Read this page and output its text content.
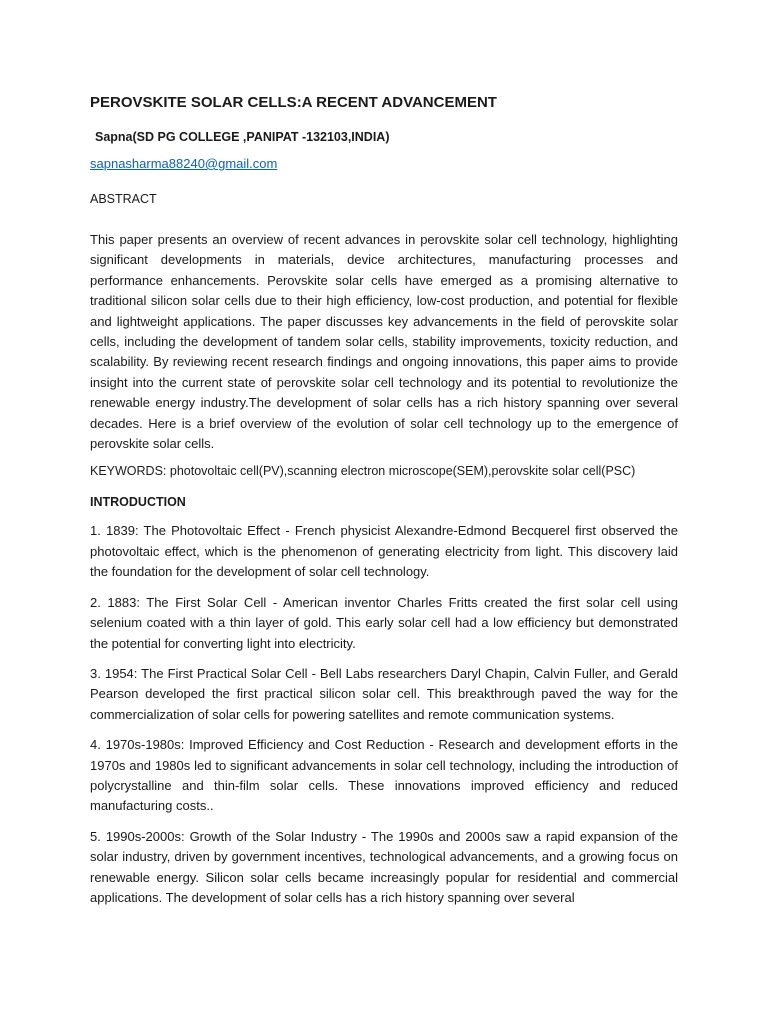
PEROVSKITE SOLAR CELLS:A RECENT ADVANCEMENT
Sapna(SD PG COLLEGE ,PANIPAT -132103,INDIA)
sapnasharma88240@gmail.com
ABSTRACT

This paper presents an overview of recent advances in perovskite solar cell technology, highlighting significant developments in materials, device architectures, manufacturing processes and performance enhancements. Perovskite solar cells have emerged as a promising alternative to traditional silicon solar cells due to their high efficiency, low-cost production, and potential for flexible and lightweight applications. The paper discusses key advancements in the field of perovskite solar cells, including the development of tandem solar cells, stability improvements, toxicity reduction, and scalability. By reviewing recent research findings and ongoing innovations, this paper aims to provide insight into the current state of perovskite solar cell technology and its potential to revolutionize the renewable energy industry.The development of solar cells has a rich history spanning over several decades. Here is a brief overview of the evolution of solar cell technology up to the emergence of perovskite solar cells.

KEYWORDS: photovoltaic cell(PV),scanning electron microscope(SEM),perovskite solar cell(PSC)
INTRODUCTION

1. 1839: The Photovoltaic Effect - French physicist Alexandre-Edmond Becquerel first observed the photovoltaic effect, which is the phenomenon of generating electricity from light. This discovery laid the foundation for the development of solar cell technology.

2. 1883: The First Solar Cell - American inventor Charles Fritts created the first solar cell using selenium coated with a thin layer of gold. This early solar cell had a low efficiency but demonstrated the potential for converting light into electricity.

3. 1954: The First Practical Solar Cell - Bell Labs researchers Daryl Chapin, Calvin Fuller, and Gerald Pearson developed the first practical silicon solar cell. This breakthrough paved the way for the commercialization of solar cells for powering satellites and remote communication systems.

4. 1970s-1980s: Improved Efficiency and Cost Reduction - Research and development efforts in the 1970s and 1980s led to significant advancements in solar cell technology, including the introduction of polycrystalline and thin-film solar cells. These innovations improved efficiency and reduced manufacturing costs..

5. 1990s-2000s: Growth of the Solar Industry - The 1990s and 2000s saw a rapid expansion of the solar industry, driven by government incentives, technological advancements, and a growing focus on renewable energy. Silicon solar cells became increasingly popular for residential and commercial applications. The development of solar cells has a rich history spanning over several
